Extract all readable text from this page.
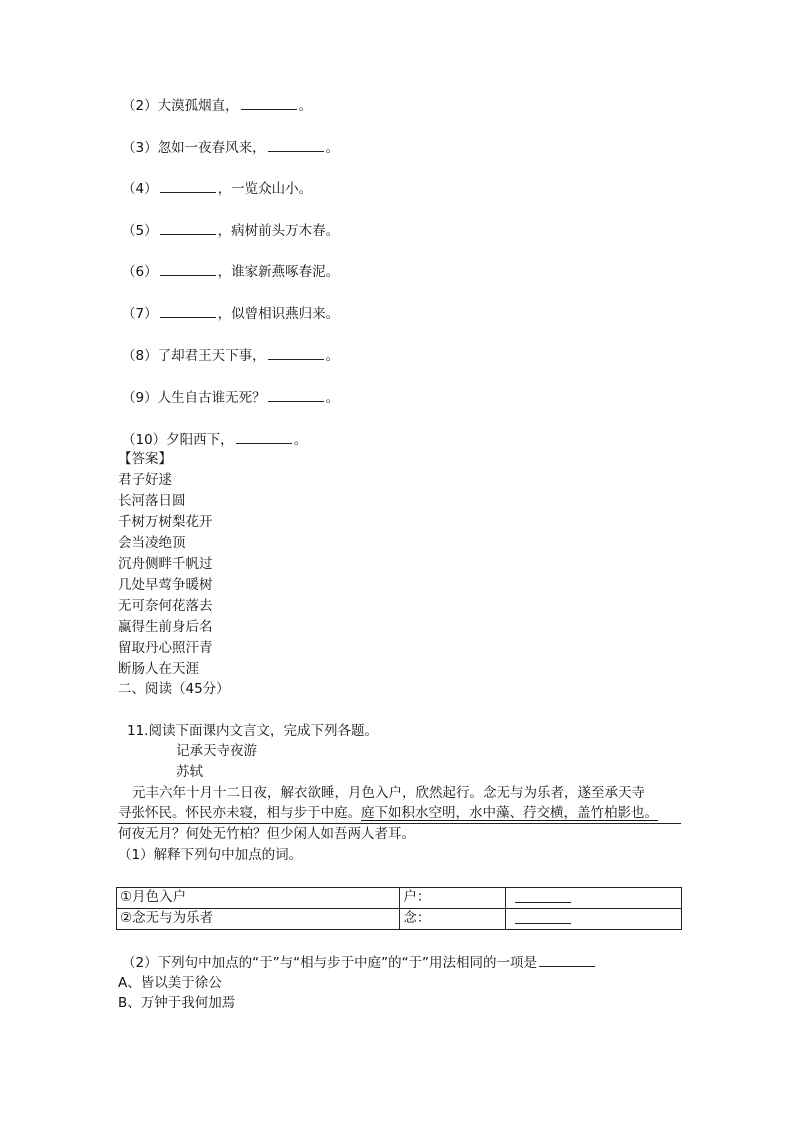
（2）大漠孤烟直，	。
（3）忽如一夜春风来，	。
（4）	，一览众山小。
（5）	，病树前头万木春。
（6）	，谁家新燕啄春泥。
（7）	，似曾相识燕归来。
（8）了却君王天下事，	。
（9）人生自古谁无死？	。
（10）夕阳西下，	。
【答案】
君子好逑
长河落日圆
千树万树梨花开
会当凌绝顶
沉舟侧畔千帆过
几处早莺争暖树
无可奈何花落去
赢得生前身后名
留取丹心照汗青
断肠人在天涯
二、阅读（45分）
11.阅读下面课内文言文，完成下列各题。
记承天寺夜游
苏轼
元丰六年十月十二日夜，解衣欲睡，月色入户，欣然起行。念无与为乐者，遂至承天寺
寻张怀民。怀民亦未寝，相与步于中庭。庭下如积水空明，水中藻、荇交横，盖竹柏影也。
何夜无月？何处无竹柏？但少闲人如吾两人者耳。
（1）解释下列句中加点的词。
①月色入户	户：	
②念无与为乐者	念：	
（2）下列句中加点的“于”与“相与步于中庭”的“于”用法相同的一项是
A、皆以美于徐公
B、万钟于我何加焉
